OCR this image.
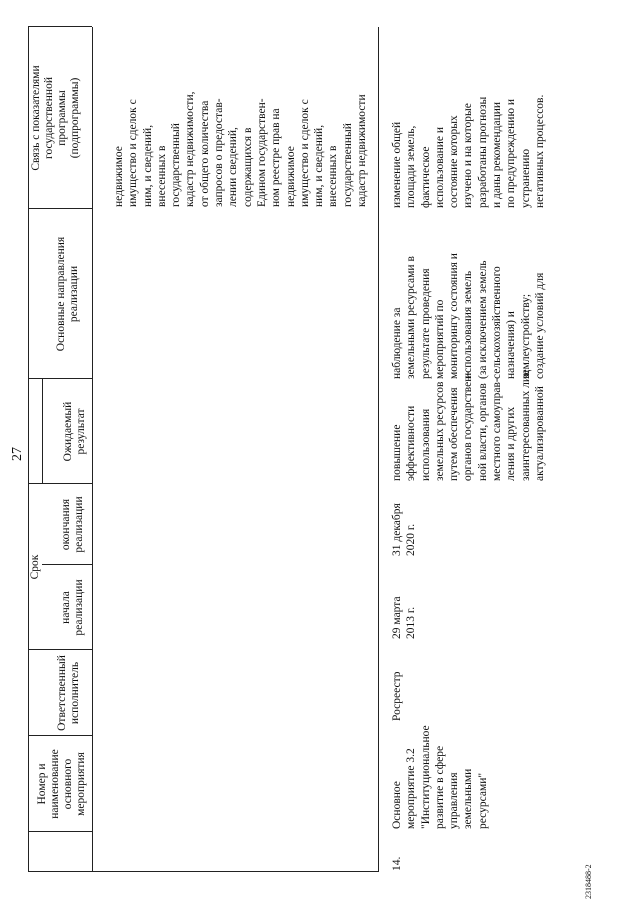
27
Номер и
наименование
основного
мероприятия
Ответственный
исполнитель
Срок
начала
реализации
окончания
реализации
Ожидаемый результат
Основные направления
реализации
Связь с показателями
государственной
программы
(подпрограммы)
недвижимое
имущество и сделок с
ним, и сведений,
внесенных в
государственный
кадастр недвижимости,
от общего количества
запросов о предостав-
лении сведений,
содержащихся в
Едином государствен-
ном реестре прав на
недвижимое
имущество и сделок с
ним, и сведений,
внесенных в
государственный
кадастр недвижимости
14.
Основное
мероприятие 3.2
"Институциональное
развитие в сфере
управления
земельными
ресурсами"
Росреестр
29 марта
2013 г.
31 декабря
2020 г.
повышение
эффективности
использования
земельных ресурсов
путем обеспечения
органов государствен-
ной власти, органов
местного самоуправ-
ления и других
заинтересованных лиц
актуализированной
наблюдение за
земельными ресурсами в
результате проведения
мероприятий по
мониторингу состояния и
использования земель
(за исключением земель
сельскохозяйственного
назначения) и
землеустройству;
создание условий для
изменение общей
площади земель,
фактическое
использование и
состояние которых
изучено и на которые
разработаны прогнозы
и даны рекомендации
по предупреждению и
устранению
негативных процессов.
2318488-2
